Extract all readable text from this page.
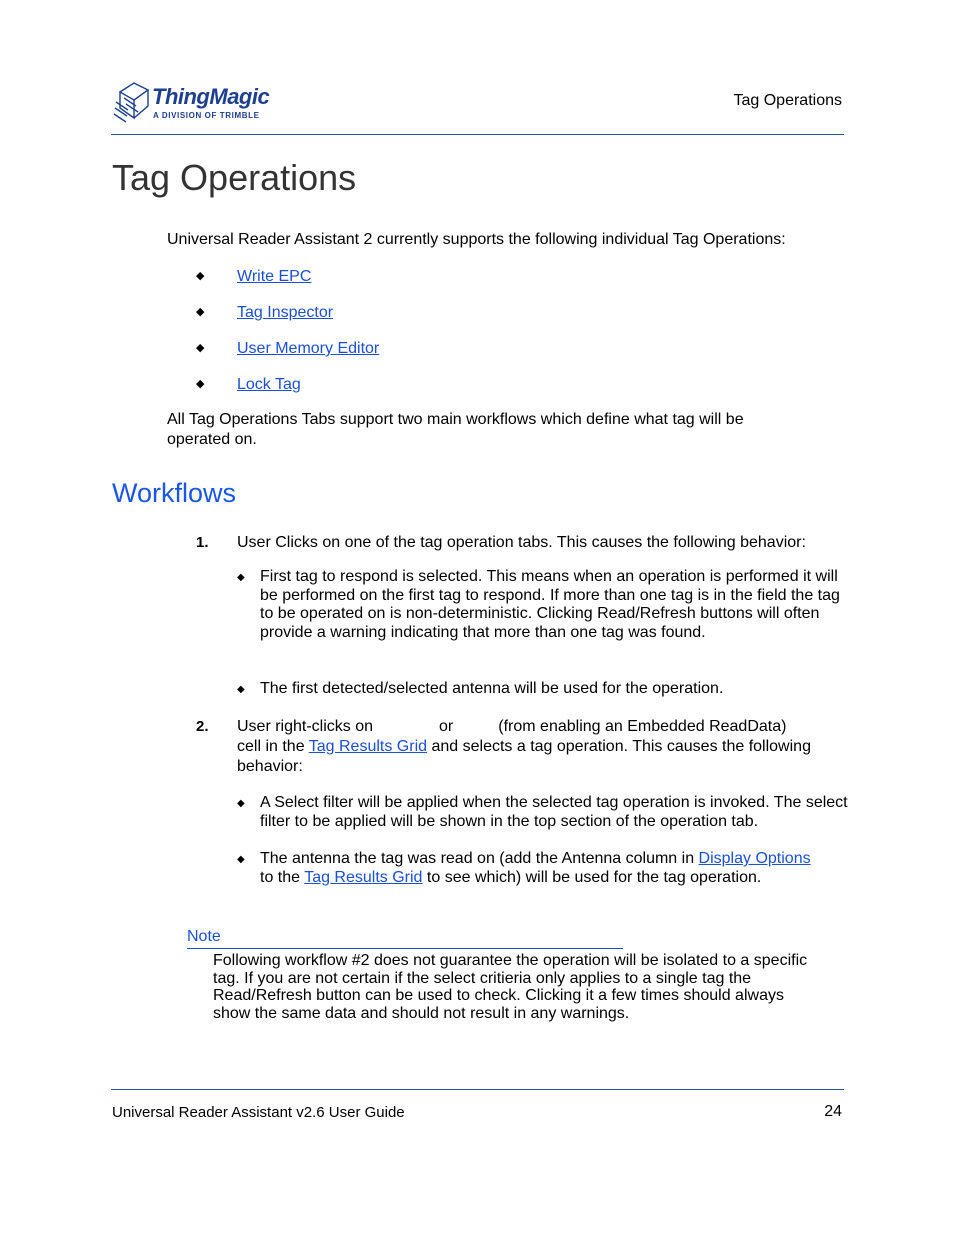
ThingMagic
A DIVISION OF TRIMBLE
Tag Operations
Tag Operations
Universal Reader Assistant 2 currently supports the following individual Tag Operations:
◆ Write EPC
◆ Tag Inspector
◆ User Memory Editor
◆ Lock Tag
All Tag Operations Tabs support two main workflows which define what tag will be operated on.
Workflows
1. User Clicks on one of the tag operation tabs. This causes the following behavior:
◆ First tag to respond is selected. This means when an operation is performed it will be performed on the first tag to respond. If more than one tag is in the field the tag to be operated on is non-deterministic. Clicking Read/Refresh buttons will often provide a warning indicating that more than one tag was found.
◆ The first detected/selected antenna will be used for the operation.
2. User right-clicks on	or	(from enabling an Embedded ReadData)
cell in the Tag Results Grid and selects a tag operation. This causes the following behavior:
◆ A Select filter will be applied when the selected tag operation is invoked. The select filter to be applied will be shown in the top section of the operation tab.
◆ The antenna the tag was read on (add the Antenna column in Display Options to the Tag Results Grid to see which) will be used for the tag operation.
Note
Following workflow #2 does not guarantee the operation will be isolated to a specific tag. If you are not certain if the select critieria only applies to a single tag the Read/Refresh button can be used to check. Clicking it a few times should always show the same data and should not result in any warnings.
Universal Reader Assistant v2.6 User Guide	24
